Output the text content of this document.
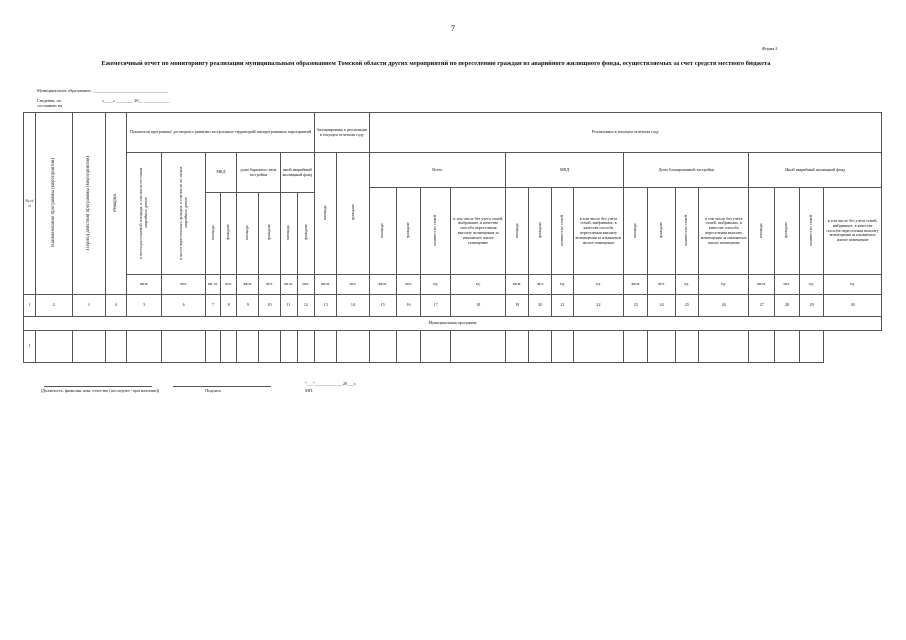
7
Форма 2
Ежемесячный отчет по мониторингу реализации муниципальным образованием Томской области других мероприятий по переселению граждан из аварийного жилищного фонда, осуществляемых за счет средств местного бюджета
Муниципальное образование: ___________________________________
Сведения, по
состоянию на
«____» ________ 20__ ____________
№ п/п	Наименование программы (мероприятия)	Период действия программы (мероприятия)	Ремарки	Показатели программы/ договоров о развитии застроенных территорий/ внепрограммных мероприятий								Запланировано к реализации в текущем отчетном году		Реализовано в текущем отчетном году															
				в части расселяемой площади, в том числе по типам аварийных домов	в части переселяемых граждан, в том числе по типам аварийных домов	МКД		дома барачного типа застройки		иной аварийный жилищный фонд		площадь	граждане	Всего				МКД				Дома блокированной застройки				Иной аварийный жилищный фонд			
														площадь	граждане	количество семей	в том числе без учета семей, выбравших, в качестве способа переселения выплату возмещения за изымаемое жилое помещение	площадь	граждане	количество семей	в том числе без учета семей, выбравших, в качестве способа переселения выплату возмещения за изымаемое жилое помещение	площадь	граждане	количество семей	в том числе без учета семей, выбравших, в качестве способа переселения выплату возмещения за изымаемое жилое помещение	площадь	граждане	количество семей	в том числе без учета семей, выбравших, в качестве способа переселения выплату возмещения за изымаемое жилое помещение
						площадь	граждане	площадь	граждане	площадь	граждане																		
				кв.м.	чел.	кв. м.	чел.	кв.м.	чел.	кв.м.	чел.	кв.м.	чел.	кв.м.	чел.	ед.	ед.	кв.м.	чел.	ед.	ед.	кв.м.	чел.	ед.	ед.	кв.м.	чел.	ед.	ед.
1	2	3	4	5	6	7	8	9	10	11	12	13	14	15	16	17	18	19	20	21	22	23	24	25	26	27	28	29	30
Муниципальная программа																													
1																													
(Должность, фамилия, имя, отчество (последнее - при наличии))	Подпись
"___"_____________20___г.
МП.
